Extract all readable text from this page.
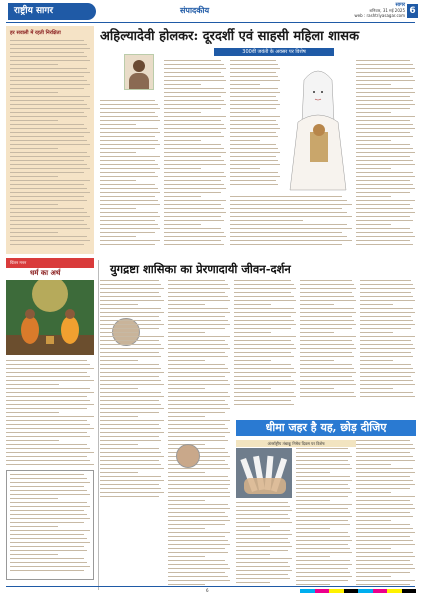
राष्ट्रीय सागर	संपादकीय
सागर
शनिवार, 31 मई 2025
web : rashtriyasagar.com 6
हर सवाली में रहती निरक्षिता	अहिल्यादेवी होलकर: दूरदर्शी एवं साहसी महिला शासक
300वीं जयंती के अवसर पर विशेष
चिंतन मनन
धर्म का अर्थ	युगद्रष्टा शासिका का प्रेरणादायी जीवन-दर्शन
धीमा जहर है यह, छोड़ दीजिए
अंतर्राष्ट्रीय तंबाकू निषेध दिवस पर विशेष
6
